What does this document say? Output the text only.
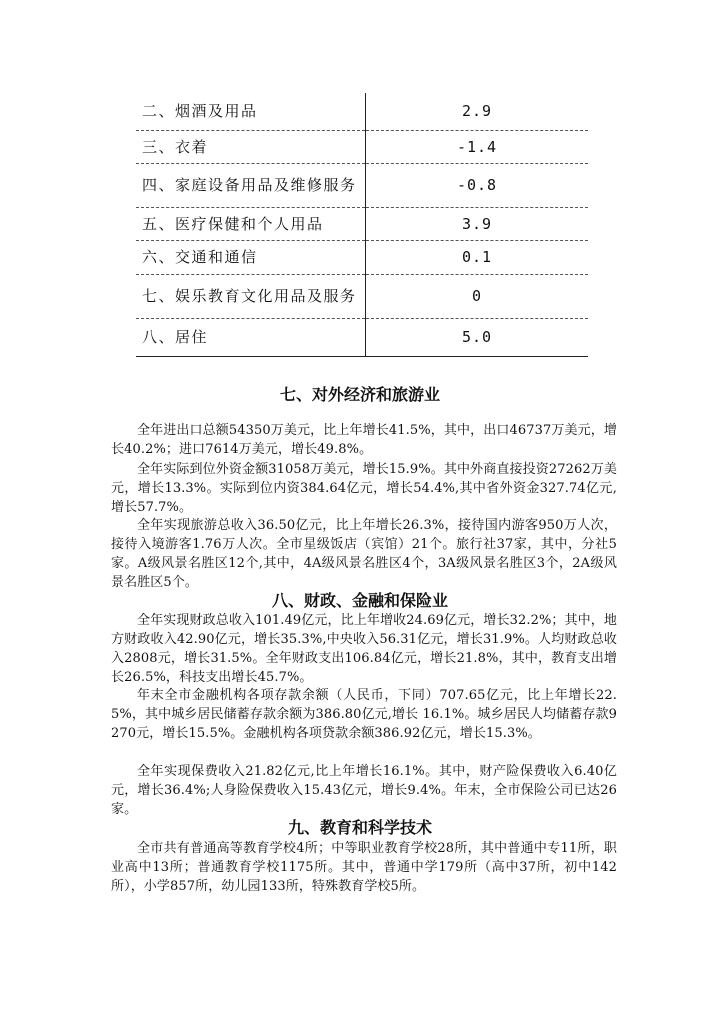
二、烟酒及用品	2.9
三、衣着	-1.4
四、家庭设备用品及维修服务	-0.8
五、医疗保健和个人用品	3.9
六、交通和通信	0.1
七、娱乐教育文化用品及服务	0
八、居住	5.0
七、对外经济和旅游业

全年进出口总额54350万美元，比上年增长41.5%，其中，出口46737万美元，增长40.2%；进口7614万美元，增长49.8%。

全年实际到位外资金额31058万美元，增长15.9%。其中外商直接投资27262万美元，增长13.3%。实际到位内资384.64亿元，增长54.4%,其中省外资金327.74亿元,增长57.7%。

全年实现旅游总收入36.50亿元，比上年增长26.3%，接待国内游客950万人次，接待入境游客1.76万人次。全市星级饭店（宾馆）21个。旅行社37家，其中，分社5家。A级风景名胜区12个,其中，4A级风景名胜区4个，3A级风景名胜区3个，2A级风景名胜区5个。

八、财政、金融和保险业

全年实现财政总收入101.49亿元，比上年增收24.69亿元，增长32.2%；其中，地方财政收入42.90亿元，增长35.3%,中央收入56.31亿元，增长31.9%。人均财政总收入2808元，增长31.5%。全年财政支出106.84亿元，增长21.8%，其中，教育支出增长26.5%，科技支出增长45.7%。

年末全市金融机构各项存款余额（人民币，下同）707.65亿元，比上年增长22.5%，其中城乡居民储蓄存款余额为386.80亿元,增长 16.1%。城乡居民人均储蓄存款9270元，增长15.5%。金融机构各项贷款余额386.92亿元，增长15.3%。

全年实现保费收入21.82亿元,比上年增长16.1%。其中，财产险保费收入6.40亿元，增长36.4%;人身险保费收入15.43亿元，增长9.4%。年末，全市保险公司已达26家。

九、教育和科学技术

全市共有普通高等教育学校4所；中等职业教育学校28所，其中普通中专11所，职业高中13所；普通教育学校1175所。其中，普通中学179所（高中37所，初中142所），小学857所，幼儿园133所，特殊教育学校5所。
